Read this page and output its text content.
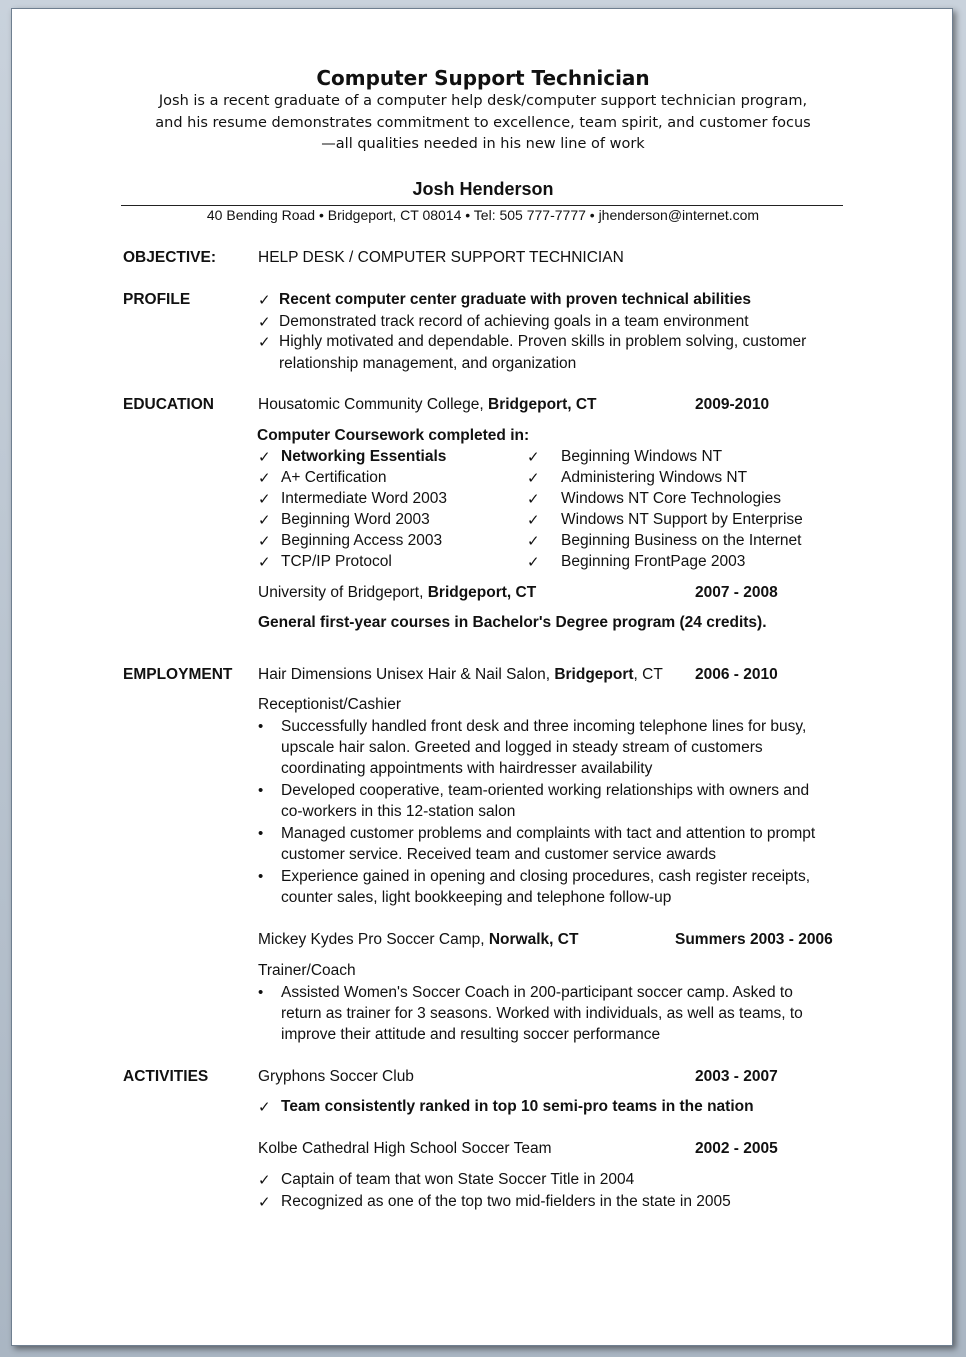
Computer Support Technician
Josh is a recent graduate of a computer help desk/computer support technician program,
and his resume demonstrates commitment to excellence, team spirit, and customer focus
—all qualities needed in his new line of work
Josh Henderson
40 Bending Road • Bridgeport, CT 08014 • Tel: 505 777-7777 • jhenderson@internet.com
OBJECTIVE:	HELP DESK / COMPUTER SUPPORT TECHNICIAN
PROFILE	✓ Recent computer center graduate with proven technical abilities
✓ Demonstrated track record of achieving goals in a team environment
✓ Highly motivated and dependable. Proven skills in problem solving, customer
relationship management, and organization
EDUCATION	Housatomic Community College, Bridgeport, CT	2009-2010
Computer Coursework completed in:
✓ Networking Essentials
✓ A+ Certification
✓ Intermediate Word 2003
✓ Beginning Word 2003
✓ Beginning Access 2003
✓ TCP/IP Protocol
✓ Beginning Windows NT
✓ Administering Windows NT
✓ Windows NT Core Technologies
✓ Windows NT Support by Enterprise
✓ Beginning Business on the Internet
✓ Beginning FrontPage 2003
University of Bridgeport, Bridgeport, CT	2007 - 2008
General first-year courses in Bachelor's Degree program (24 credits).
EMPLOYMENT Hair Dimensions Unisex Hair & Nail Salon, Bridgeport, CT 2006 - 2010
Receptionist/Cashier
• Successfully handled front desk and three incoming telephone lines for busy,
upscale hair salon. Greeted and logged in steady stream of customers
coordinating appointments with hairdresser availability
• Developed cooperative, team-oriented working relationships with owners and
co-workers in this 12-station salon
• Managed customer problems and complaints with tact and attention to prompt
customer service. Received team and customer service awards
• Experience gained in opening and closing procedures, cash register receipts,
counter sales, light bookkeeping and telephone follow-up
Mickey Kydes Pro Soccer Camp, Norwalk, CT	Summers 2003 - 2006
Trainer/Coach
• Assisted Women's Soccer Coach in 200-participant soccer camp. Asked to
return as trainer for 3 seasons. Worked with individuals, as well as teams, to
improve their attitude and resulting soccer performance
ACTIVITIES	Gryphons Soccer Club	2003 - 2007
✓ Team consistently ranked in top 10 semi-pro teams in the nation
Kolbe Cathedral High School Soccer Team	2002 - 2005
✓ Captain of team that won State Soccer Title in 2004
✓ Recognized as one of the top two mid-fielders in the state in 2005
